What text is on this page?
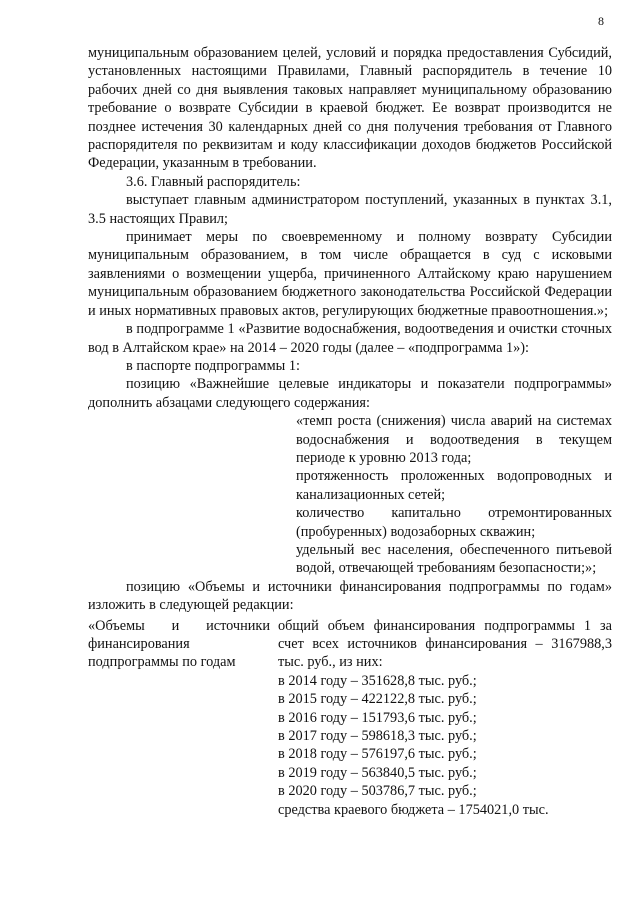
8

муниципальным образованием целей, условий и порядка предоставления Субсидий, установленных настоящими Правилами, Главный распорядитель в течение 10 рабочих дней со дня выявления таковых направляет муниципальному образованию требование о возврате Субсидии в краевой бюджет. Ее возврат производится не позднее истечения 30 календарных дней со дня получения требования от Главного распорядителя по реквизитам и коду классификации доходов бюджетов Российской Федерации, указанным в требовании.

3.6. Главный распорядитель:

выступает главным администратором поступлений, указанных в пунктах 3.1, 3.5 настоящих Правил;

принимает меры по своевременному и полному возврату Субсидии муниципальным образованием, в том числе обращается в суд с исковыми заявлениями о возмещении ущерба, причиненного Алтайскому краю нарушением муниципальным образованием бюджетного законодательства Российской Федерации и иных нормативных правовых актов, регулирующих бюджетные правоотношения.»;

в подпрограмме 1 «Развитие водоснабжения, водоотведения и очистки сточных вод в Алтайском крае» на 2014 – 2020 годы (далее – «подпрограмма 1»):

в паспорте подпрограммы 1:

позицию «Важнейшие целевые индикаторы и показатели подпрограммы» дополнить абзацами следующего содержания:

«темп роста (снижения) числа аварий на системах водоснабжения и водоотведения в текущем периоде к уровню 2013 года;

протяженность проложенных водопроводных и канализационных сетей;

количество капитально отремонтированных (пробуренных) водозаборных скважин;

удельный вес населения, обеспеченного питьевой водой, отвечающей требованиям безопасности;»;

позицию «Объемы и источники финансирования подпрограммы по годам» изложить в следующей редакции:

«Объемы и источники финансирования подпрограммы по годам

общий объем финансирования подпрограммы 1 за счет всех источников финансирования – 3167988,3 тыс. руб., из них:

в 2014 году – 351628,8 тыс. руб.;

в 2015 году – 422122,8 тыс. руб.;

в 2016 году – 151793,6 тыс. руб.;

в 2017 году – 598618,3 тыс. руб.;

в 2018 году – 576197,6 тыс. руб.;

в 2019 году – 563840,5 тыс. руб.;

в 2020 году – 503786,7 тыс. руб.;

средства краевого бюджета – 1754021,0 тыс.
